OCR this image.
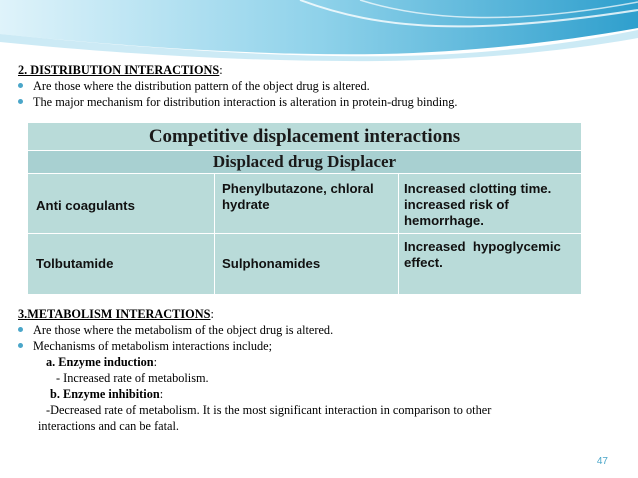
2. DISTRIBUTION INTERACTIONS:
Are those where the distribution pattern of the object drug is altered.
The major mechanism for distribution interaction is alteration in protein-drug binding.
Competitive displacement interactions
Displaced drug Displacer
Anti coagulants
Phenylbutazone, chloral
hydrate
Increased clotting time.
increased risk of
hemorrhage.
Tolbutamide	Sulphonamides
Increased  hypoglycemic
effect.
3.METABOLISM INTERACTIONS:
Are those where the metabolism of the object drug is altered.
Mechanisms of metabolism interactions include;
a. Enzyme induction:
- Increased rate of metabolism.
b. Enzyme inhibition:
-Decreased rate of metabolism. It is the most significant interaction in comparison to other
interactions and can be fatal.
47
